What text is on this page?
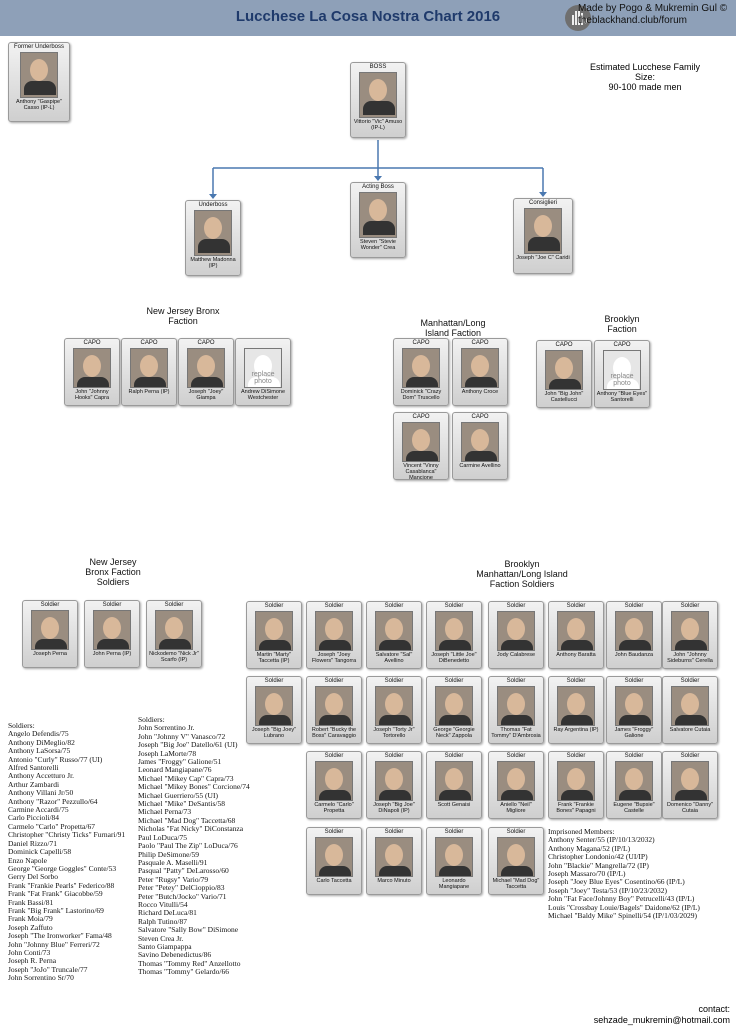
Lucchese La Cosa Nostra Chart 2016	Made by Pogo & Mukremin Gul ©
theblackhand.club/forum
Former Underboss
Anthony "Gaspipe" Casso (IP-L)
Estimated Lucchese Family
Size:
90-100 made men
BOSS
Vittorio "Vic" Amuso (IP-L)
Underboss
Matthew Madonna (IP)
Acting Boss
Steven "Stevie Wonder" Crea
Consiglieri
Joseph "Joe C" Caridi
New Jersey Bronx Faction	Manhattan/Long Island Faction
Brooklyn Faction
CAPO
John "Johnny Hooks" Capra
CAPO
Ralph Perna (IP)
CAPO
Joseph "Joey" Giampa
replace photo
Andrew DiSimone Westchester
CAPO
Dominick "Crazy Dom" Truscello
CAPO
Anthony Croce
CAPO
Vincent "Vinny Casablanca" Mancione
CAPO
Carmine Avellino
CAPO
John "Big John" Castellucci
CAPO
replace photo
Anthony "Blue Eyes" Santorelli
New Jersey Bronx Faction Soldiers
Brooklyn Manhattan/Long Island Faction Soldiers
Soldier
Joseph Perna
Soldier
John Perna (IP)
Soldier
Nickodemo "Nick Jr" Scarfo (IP)
Soldier
Martin "Marty" Taccetta (IP)
Soldier
Joseph "Joey Flowers" Tangorra
Soldier
Salvatore "Sal" Avellino
Soldier
Joseph "Little Joe" DiBenedetto
Soldier
Jody Calabrese
Soldier
Anthony Baratta
Soldier
John Baudanza
Soldier
John "Johnny Sideburns" Cerella
Soldier
Joseph "Big Joey" Lubrano
Soldier
Robert "Bucky the Boss" Caravaggio
Soldier
Joseph "Torty Jr" Tortorello
Soldier
George "Georgie Neck" Zappola
Soldier
Thomas "Fat Tommy" D'Ambrosia
Soldier
Ray Argentina (IP)
Soldier
James "Froggy" Galione
Soldier
Salvatore Cutaia
Soldier
Carmelo "Carlo" Propetta
Soldier
Joseph "Big Joe" DiNapoli (IP)
Soldier
Scott Genaisi
Soldier
Aniello "Neil" Migliore
Soldier
Frank "Frankie Bones" Papagni
Soldier
Eugene "Bupsie" Castelle
Soldier
Domenico "Danny" Cutaia
Soldier
Carlo Taccetta
Soldier
Marco Minuto
Soldier
Leonardo Mangiapane
Soldier
Michael "Mad Dog" Taccetta
Soldiers:
Angelo Defendis/75
Anthony DiMeglio/82
Anthony LaSorsa/75
Antonio "Curly" Russo/77 (UI)
Alfred Santorelli
Anthony Accetturo Jr.
Arthur Zambardi
Anthony Villani Jr/50
Anthony "Razor" Pezzullo/64
Carmine Accardi/75
Carlo Piccioli/84
Carmelo "Carlo" Propetta/67
Christopher "Christy Ticks" Furnari/91
Daniel Rizzo/71
Dominick Capelli/58
Enzo Napole
George "George Goggles" Conte/53
Gerry Del Sorbo
Frank "Frankie Pearls" Federico/88
Frank "Fat Frank" Giacobbe/59
Frank Bassi/81
Frank "Big Frank" Lastorino/69
Frank Moia/79
Joseph Zaffuto
Joseph "The Ironworker" Fama/48
John "Johnny Blue" Ferreri/72
John Conti/73
Joseph R. Perna
Joseph "JoJo" Truncale/77
John Sorrentino Sr/70
Soldiers:
John Sorrentino Jr.
John "Johnny V" Vanasco/72
Joseph "Big Joe" Datello/61 (UI)
Joseph LaMorte/78
James "Froggy" Galione/51
Leonard Mangiapane/76
Michael "Mikey Cap" Capra/73
Michael "Mikey Bones" Corcione/74
Michael Guerriero/55 (UI)
Michael "Mike" DeSantis/58
Michael Perna/73
Michael "Mad Dog" Taccetta/68
Nicholas "Fat Nicky" DiConstanza
Paul LoDuca/75
Paolo "Paul The Zip" LoDuca/76
Philip DeSimone/59
Pasquale A. Maselli/91
Pasqual "Patty" DeLarosso/60
Peter "Rugsy" Vario/79
Peter "Petey" DelCioppio/83
Peter "Butch/Jocko" Vario/71
Rocco Vitulli/54
Richard DeLuca/81
Ralph Tutino/87
Salvatore "Sally Bow" DiSimone
Steven Crea Jr.
Santo Giampappa
Savino Debenedictus/86
Thomas "Tommy Red" Anzellotto
Thomas "Tommy" Gelardo/66
Imprisoned Members:
Anthony Senter/55 (IP/10/13/2032)
Anthony Magana/52 (IP/L)
Christopher Londonio/42 (UI/IP)
John "Blackie" Mangrella/72 (IP)
Joseph Massaro/70 (IP/L)
Joseph "Joey Blue Eyes" Cosentino/66 (IP/L)
Joseph "Joey" Testa/53 (IP/10/23/2032)
John "Fat Face/Johnny Boy" Petrucelli/43 (IP/L)
Louis "Crossbay Louie/Bagels" Daidone/62 (IP/L)
Michael "Baldy Mike" Spinelli/54 (IP/1/03/2029)
contact:
sehzade_mukremin@hotmail.com
